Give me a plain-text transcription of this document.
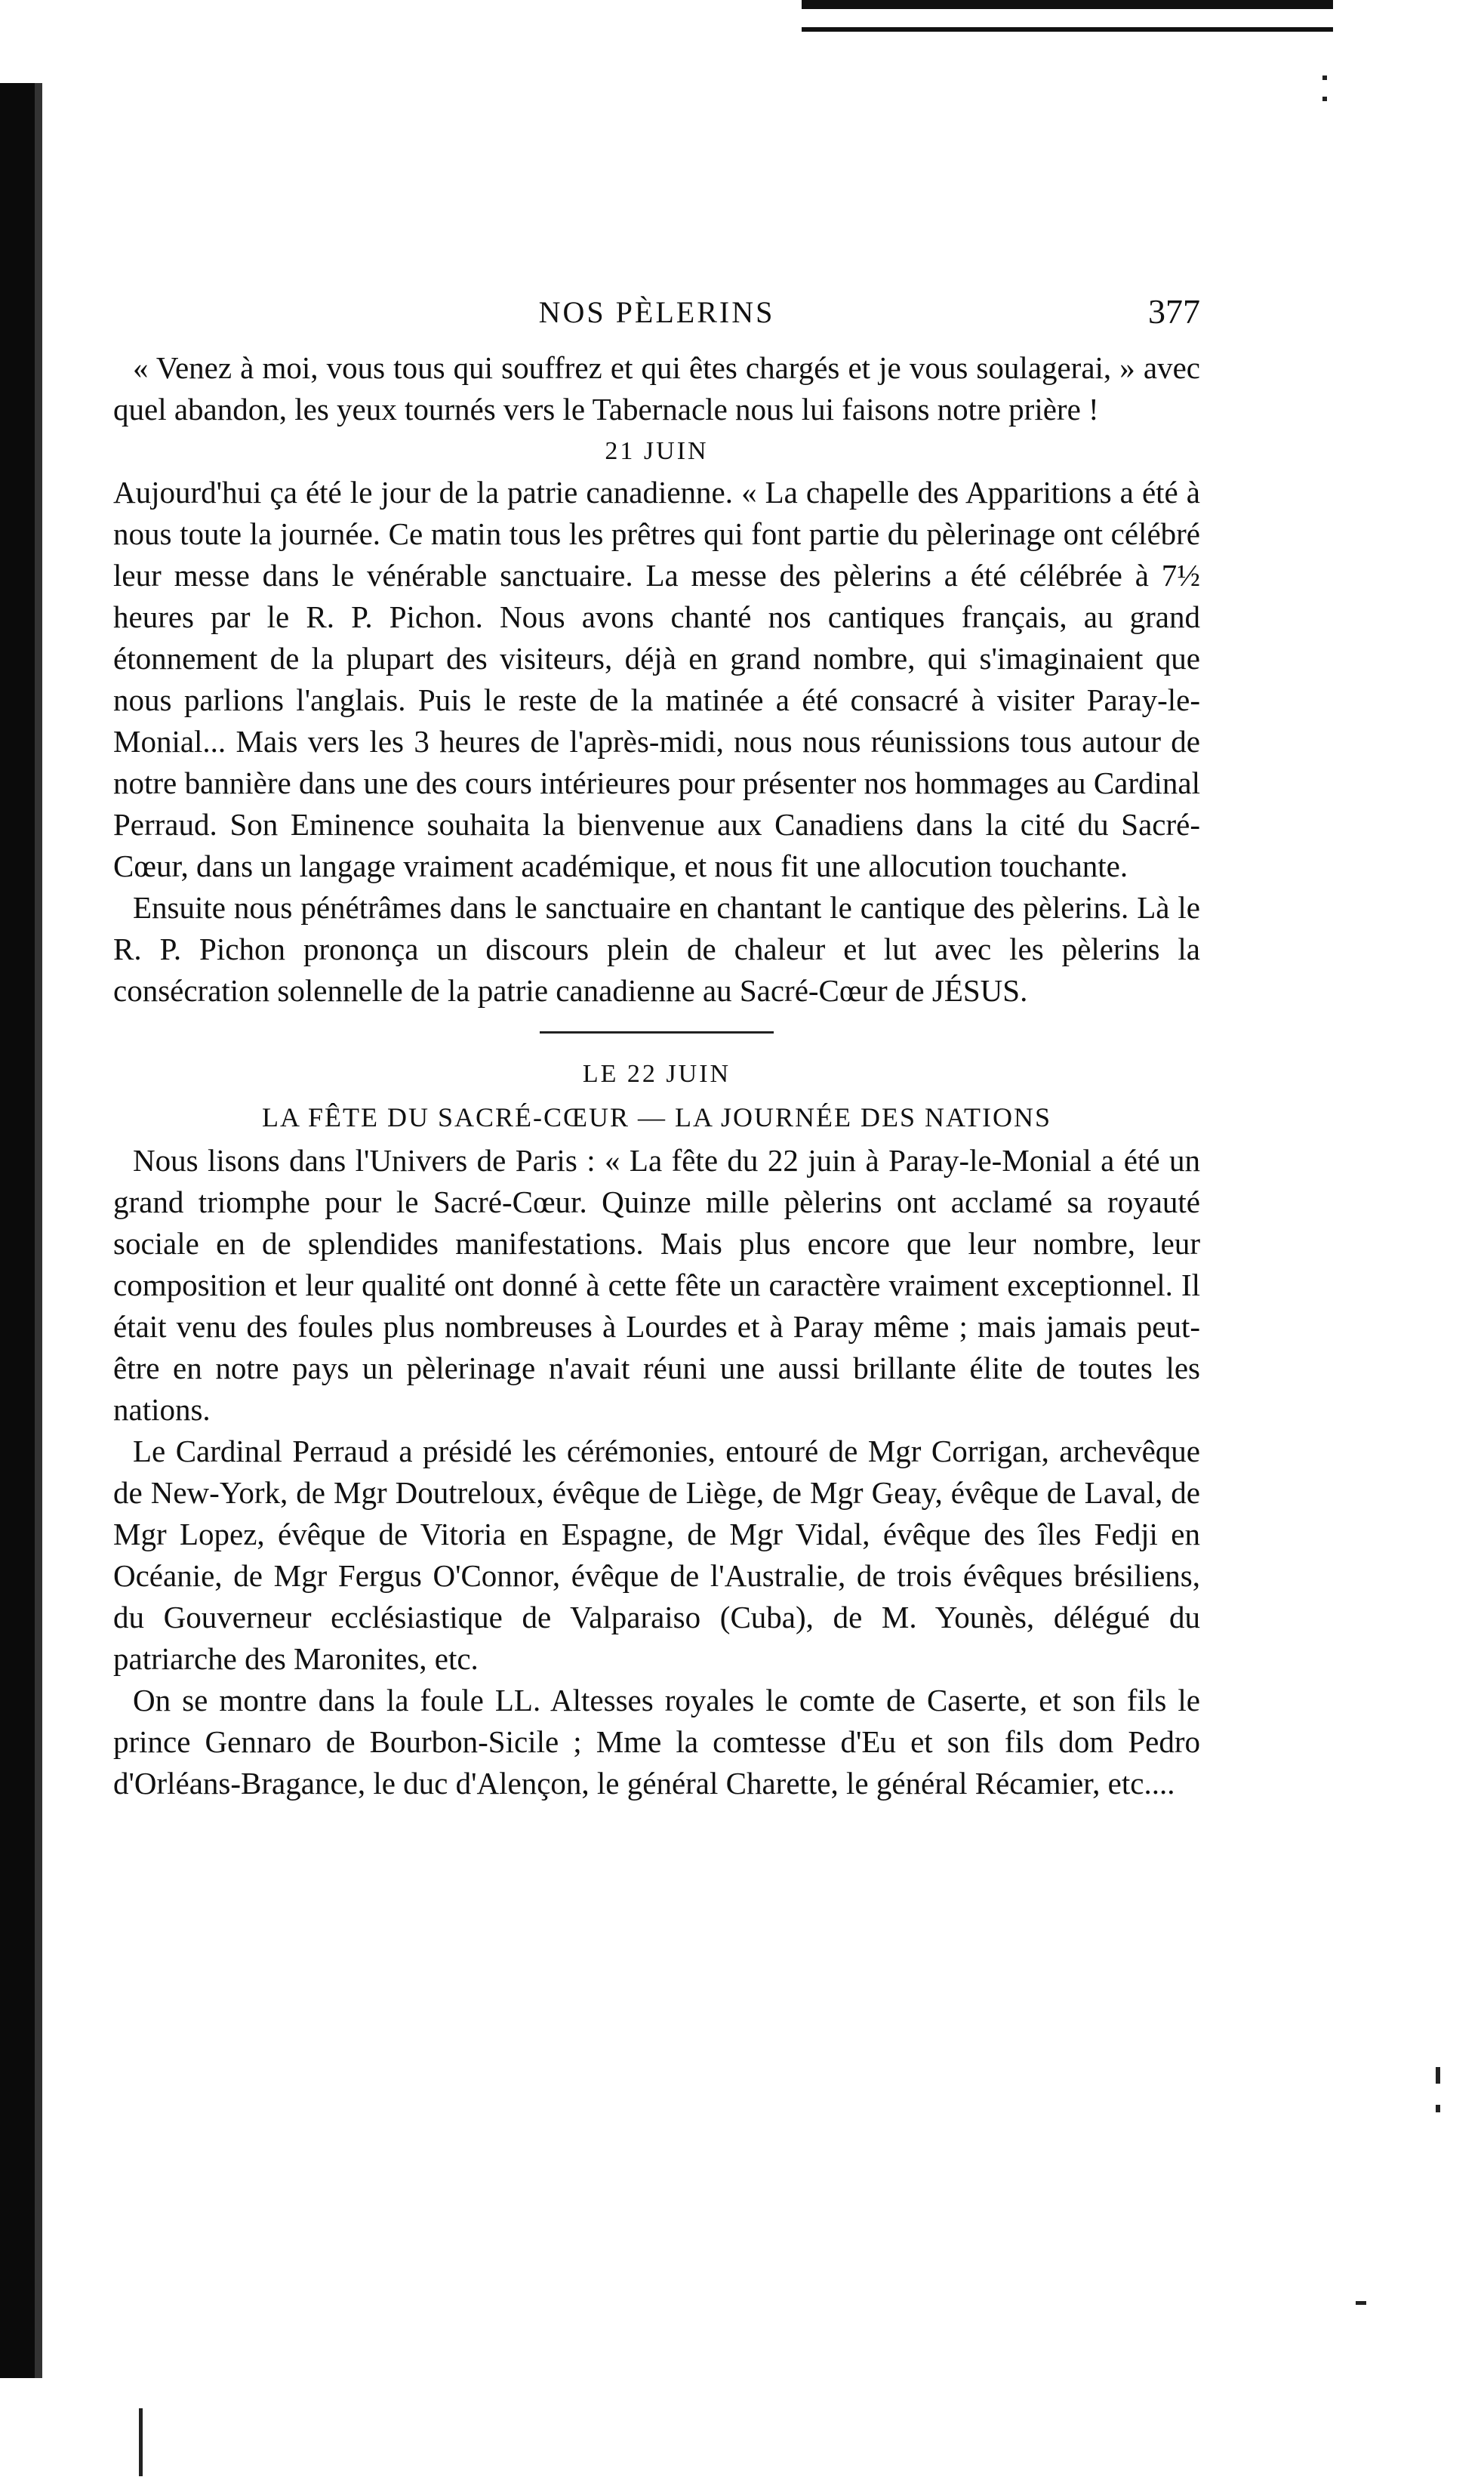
NOS PÈLERINS	377

« Venez à moi, vous tous qui souffrez et qui êtes chargés et je vous soulagerai, » avec quel abandon, les yeux tournés vers le Tabernacle nous lui faisons notre prière !

21 JUIN

Aujourd'hui ça été le jour de la patrie canadienne. « La chapelle des Apparitions a été à nous toute la journée. Ce matin tous les prêtres qui font partie du pèlerinage ont célébré leur messe dans le vénérable sanctuaire. La messe des pèlerins a été célébrée à 7½ heures par le R. P. Pichon. Nous avons chanté nos cantiques français, au grand étonnement de la plupart des visiteurs, déjà en grand nombre, qui s'imaginaient que nous parlions l'anglais. Puis le reste de la matinée a été consacré à visiter Paray-le-Monial... Mais vers les 3 heures de l'après-midi, nous nous réunissions tous autour de notre bannière dans une des cours intérieures pour présenter nos hommages au Cardinal Perraud. Son Eminence souhaita la bienvenue aux Canadiens dans la cité du Sacré-Cœur, dans un langage vraiment académique, et nous fit une allocution touchante.

Ensuite nous pénétrâmes dans le sanctuaire en chantant le cantique des pèlerins. Là le R. P. Pichon prononça un discours plein de chaleur et lut avec les pèlerins la consécration solennelle de la patrie canadienne au Sacré-Cœur de JÉSUS.

LE 22 JUIN
LA FÊTE DU SACRÉ-CŒUR — LA JOURNÉE DES NATIONS

Nous lisons dans l'Univers de Paris : « La fête du 22 juin à Paray-le-Monial a été un grand triomphe pour le Sacré-Cœur. Quinze mille pèlerins ont acclamé sa royauté sociale en de splendides manifestations. Mais plus encore que leur nombre, leur composition et leur qualité ont donné à cette fête un caractère vraiment exceptionnel. Il était venu des foules plus nombreuses à Lourdes et à Paray même ; mais jamais peut-être en notre pays un pèlerinage n'avait réuni une aussi brillante élite de toutes les nations.

Le Cardinal Perraud a présidé les cérémonies, entouré de Mgr Corrigan, archevêque de New-York, de Mgr Doutreloux, évêque de Liège, de Mgr Geay, évêque de Laval, de Mgr Lopez, évêque de Vitoria en Espagne, de Mgr Vidal, évêque des îles Fedji en Océanie, de Mgr Fergus O'Connor, évêque de l'Australie, de trois évêques brésiliens, du Gouverneur ecclésiastique de Valparaiso (Cuba), de M. Younès, délégué du patriarche des Maronites, etc.

On se montre dans la foule LL. Altesses royales le comte de Caserte, et son fils le prince Gennaro de Bourbon-Sicile ; Mme la comtesse d'Eu et son fils dom Pedro d'Orléans-Bragance, le duc d'Alençon, le général Charette, le général Récamier, etc....
